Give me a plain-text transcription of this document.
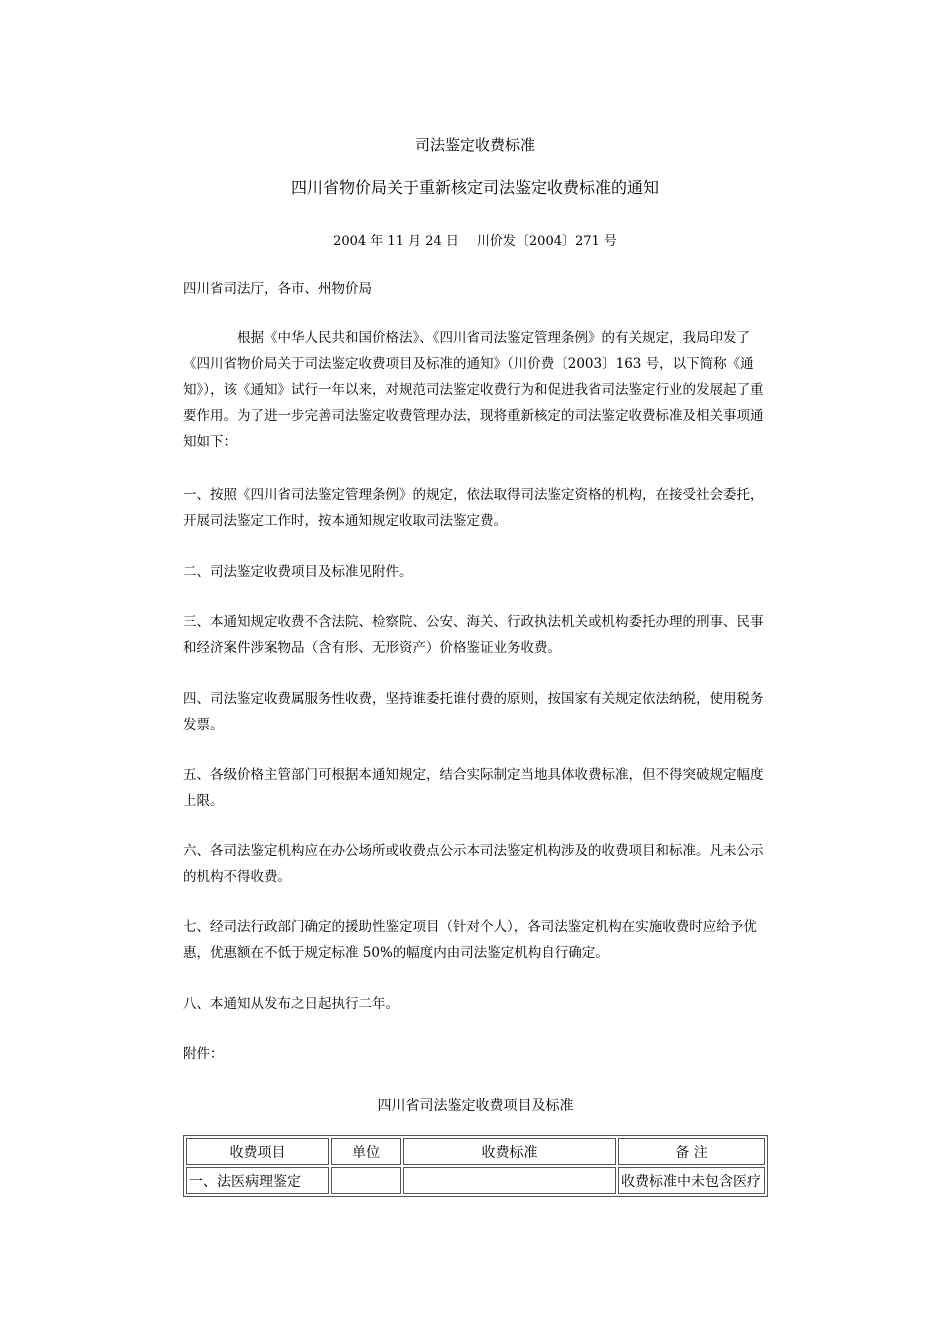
司法鉴定收费标准
四川省物价局关于重新核定司法鉴定收费标准的通知
2004 年 11 月 24 日 川价发〔2004〕271 号

四川省司法厅，各市、州物价局

根据《中华人民共和国价格法》、《四川省司法鉴定管理条例》的有关规定，我局印发了《四川省物价局关于司法鉴定收费项目及标准的通知》（川价费〔2003〕163 号，以下简称《通知》），该《通知》试行一年以来，对规范司法鉴定收费行为和促进我省司法鉴定行业的发展起了重要作用。为了进一步完善司法鉴定收费管理办法，现将重新核定的司法鉴定收费标准及相关事项通知如下：

一、按照《四川省司法鉴定管理条例》的规定，依法取得司法鉴定资格的机构，在接受社会委托，开展司法鉴定工作时，按本通知规定收取司法鉴定费。

二、司法鉴定收费项目及标准见附件。

三、本通知规定收费不含法院、检察院、公安、海关、行政执法机关或机构委托办理的刑事、民事和经济案件涉案物品（含有形、无形资产）价格鉴证业务收费。

四、司法鉴定收费属服务性收费，坚持谁委托谁付费的原则，按国家有关规定依法纳税，使用税务发票。

五、各级价格主管部门可根据本通知规定，结合实际制定当地具体收费标准，但不得突破规定幅度上限。

六、各司法鉴定机构应在办公场所或收费点公示本司法鉴定机构涉及的收费项目和标准。凡未公示的机构不得收费。

七、经司法行政部门确定的援助性鉴定项目（针对个人），各司法鉴定机构在实施收费时应给予优惠，优惠额在不低于规定标准 50%的幅度内由司法鉴定机构自行确定。

八、本通知从发布之日起执行二年。

附件：

四川省司法鉴定收费项目及标准
收费项目	单位	收费标准	备 注
一、法医病理鉴定			收费标准中未包含医疗
